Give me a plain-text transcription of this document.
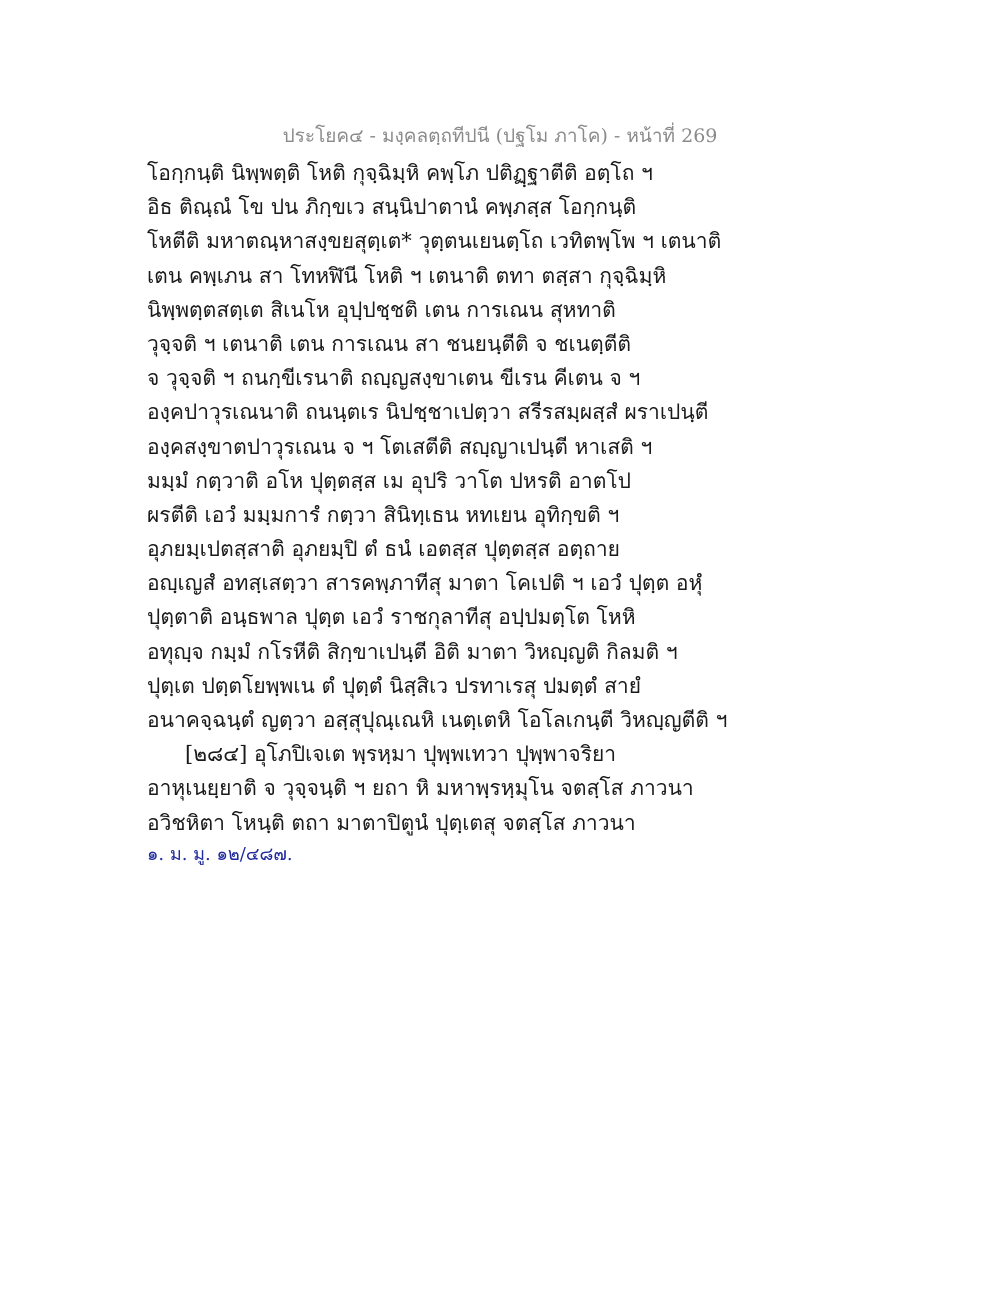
ประโยค๔ - มงฺคลตฺถทีปนี (ปฐโม ภาโค) - หน้าที่ 269
โอกฺกนฺติ นิพฺพตฺติ โหติ กุจฺฉิมฺหิ คพฺโภ ปติฏฺฐาตีติ อตฺโถ ฯ
อิธ ติณฺณํ โข ปน ภิกฺขเว สนฺนิปาตานํ คพฺภสฺส โอกฺกนฺติ
โหตีติ มหาตณฺหาสงฺขยสุตฺเต* วุตฺตนเยนตฺโถ เวทิตพฺโพ ฯ เตนาติ
เตน คพฺเภน สา โทหฬินี โหติ ฯ เตนาติ ตทา ตสฺสา กุจฺฉิมฺหิ
นิพฺพตฺตสตฺเต สิเนโห อุปฺปชฺชติ เตน การเณน สุหทาติ
วุจฺจติ ฯ เตนาติ เตน การเณน สา ชนยนฺตีติ จ ชเนตฺตีติ
จ วุจฺจติ ฯ ถนกฺขีเรนาติ ถญฺญสงฺขาเตน ขีเรน คีเตน จ ฯ
องฺคปาวุรเณนาติ ถนนฺตเร นิปชฺชาเปตฺวา สรีรสมฺผสฺสํ ผราเปนฺตี
องฺคสงฺขาตปาวุรเณน จ ฯ โตเสตีติ สญฺญาเปนฺตี หาเสติ ฯ
มมฺมํ กตฺวาติ อโห ปุตฺตสฺส เม อุปริ วาโต ปหรติ อาตโป
ผรตีติ เอวํ มมฺมการํ กตฺวา สินิทฺเธน หทเยน อุทิกฺขติ ฯ
อุภยมฺเปตสฺสาติ อุภยมฺปิ ตํ ธนํ เอตสฺส ปุตฺตสฺส อตฺถาย
อญฺเญสํ อทสฺเสตฺวา สารคพฺภาทีสุ มาตา โคเปติ ฯ เอวํ ปุตฺต อหุํ
ปุตฺตาติ อนฺธพาล ปุตฺต เอวํ ราชกุลาทีสุ อปฺปมตฺโต โหหิ
อทุญฺจ กมฺมํ กโรหีติ สิกฺขาเปนฺตี อิติ มาตา วิหญฺญติ กิลมติ ฯ
ปุตฺเต ปตฺตโยพฺพเน ตํ ปุตฺตํ นิสฺสิเว ปรทาเรสุ ปมตฺตํ สายํ
อนาคจฺฉนฺตํ ญตฺวา อสฺสุปุณฺเณหิ เนตฺเตหิ โอโลเกนฺตี วิหญฺญตีติ ฯ
[๒๘๔] อุโภปิเจเต พฺรหฺมา ปุพฺพเทวา ปุพฺพาจริยา
อาหุเนยฺยาติ จ วุจฺจนฺติ ฯ ยถา หิ มหาพฺรหฺมุโน จตสฺโส ภาวนา
อวิชหิตา โหนฺติ ตถา มาตาปิตูนํ ปุตฺเตสุ จตสฺโส ภาวนา
๑. ม. มู. ๑๒/๔๘๗.
